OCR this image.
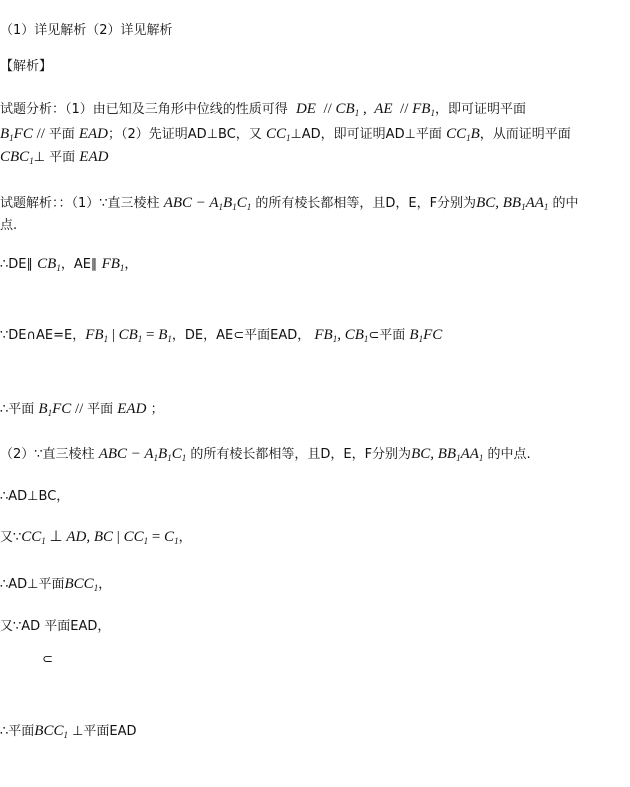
（1）详见解析（2）详见解析
【解析】
试题分析：（1）由已知及三角形中位线的性质可得 DE  // $CB_1$ ,  AE  // $FB_1$，即可证明平面
$B_1FC$ // 平面 EAD；（2）先证明AD⊥BC，又 $CC_1\perp AD$，即可证明AD⊥平面 $CC_1B$，从而证明平面
$CBC_1\perp$ 平面 EAD
试题解析：：（1）∵直三棱柱 ABC − $A_1B_1C_1$ 的所有棱长都相等，且D，E，F分别为BC, $BB_1AA_1$ 的中
点.
∴DE∥ $CB_1$，AE∥ $FB_1$，
∵DE∩AE=E，$FB_1$ | $CB_1 = B_1$，DE，AE⊂平面EAD， $FB_1$, $CB_1\subset$平面 $B_1FC$
∴平面 $B_1FC$ // 平面 EAD ；
（2）∵直三棱柱 ABC − $A_1B_1C_1$ 的所有棱长都相等，且D，E，F分别为BC, $BB_1AA_1$ 的中点.
∴AD⊥BC，
又$\because CC_1$ ⊥ AD, BC | $CC_1 = C_1$，
∴AD⊥平面$BCC_1$，
又∵AD 平面EAD，
⊂
∴平面$BCC_1$ ⊥平面EAD
